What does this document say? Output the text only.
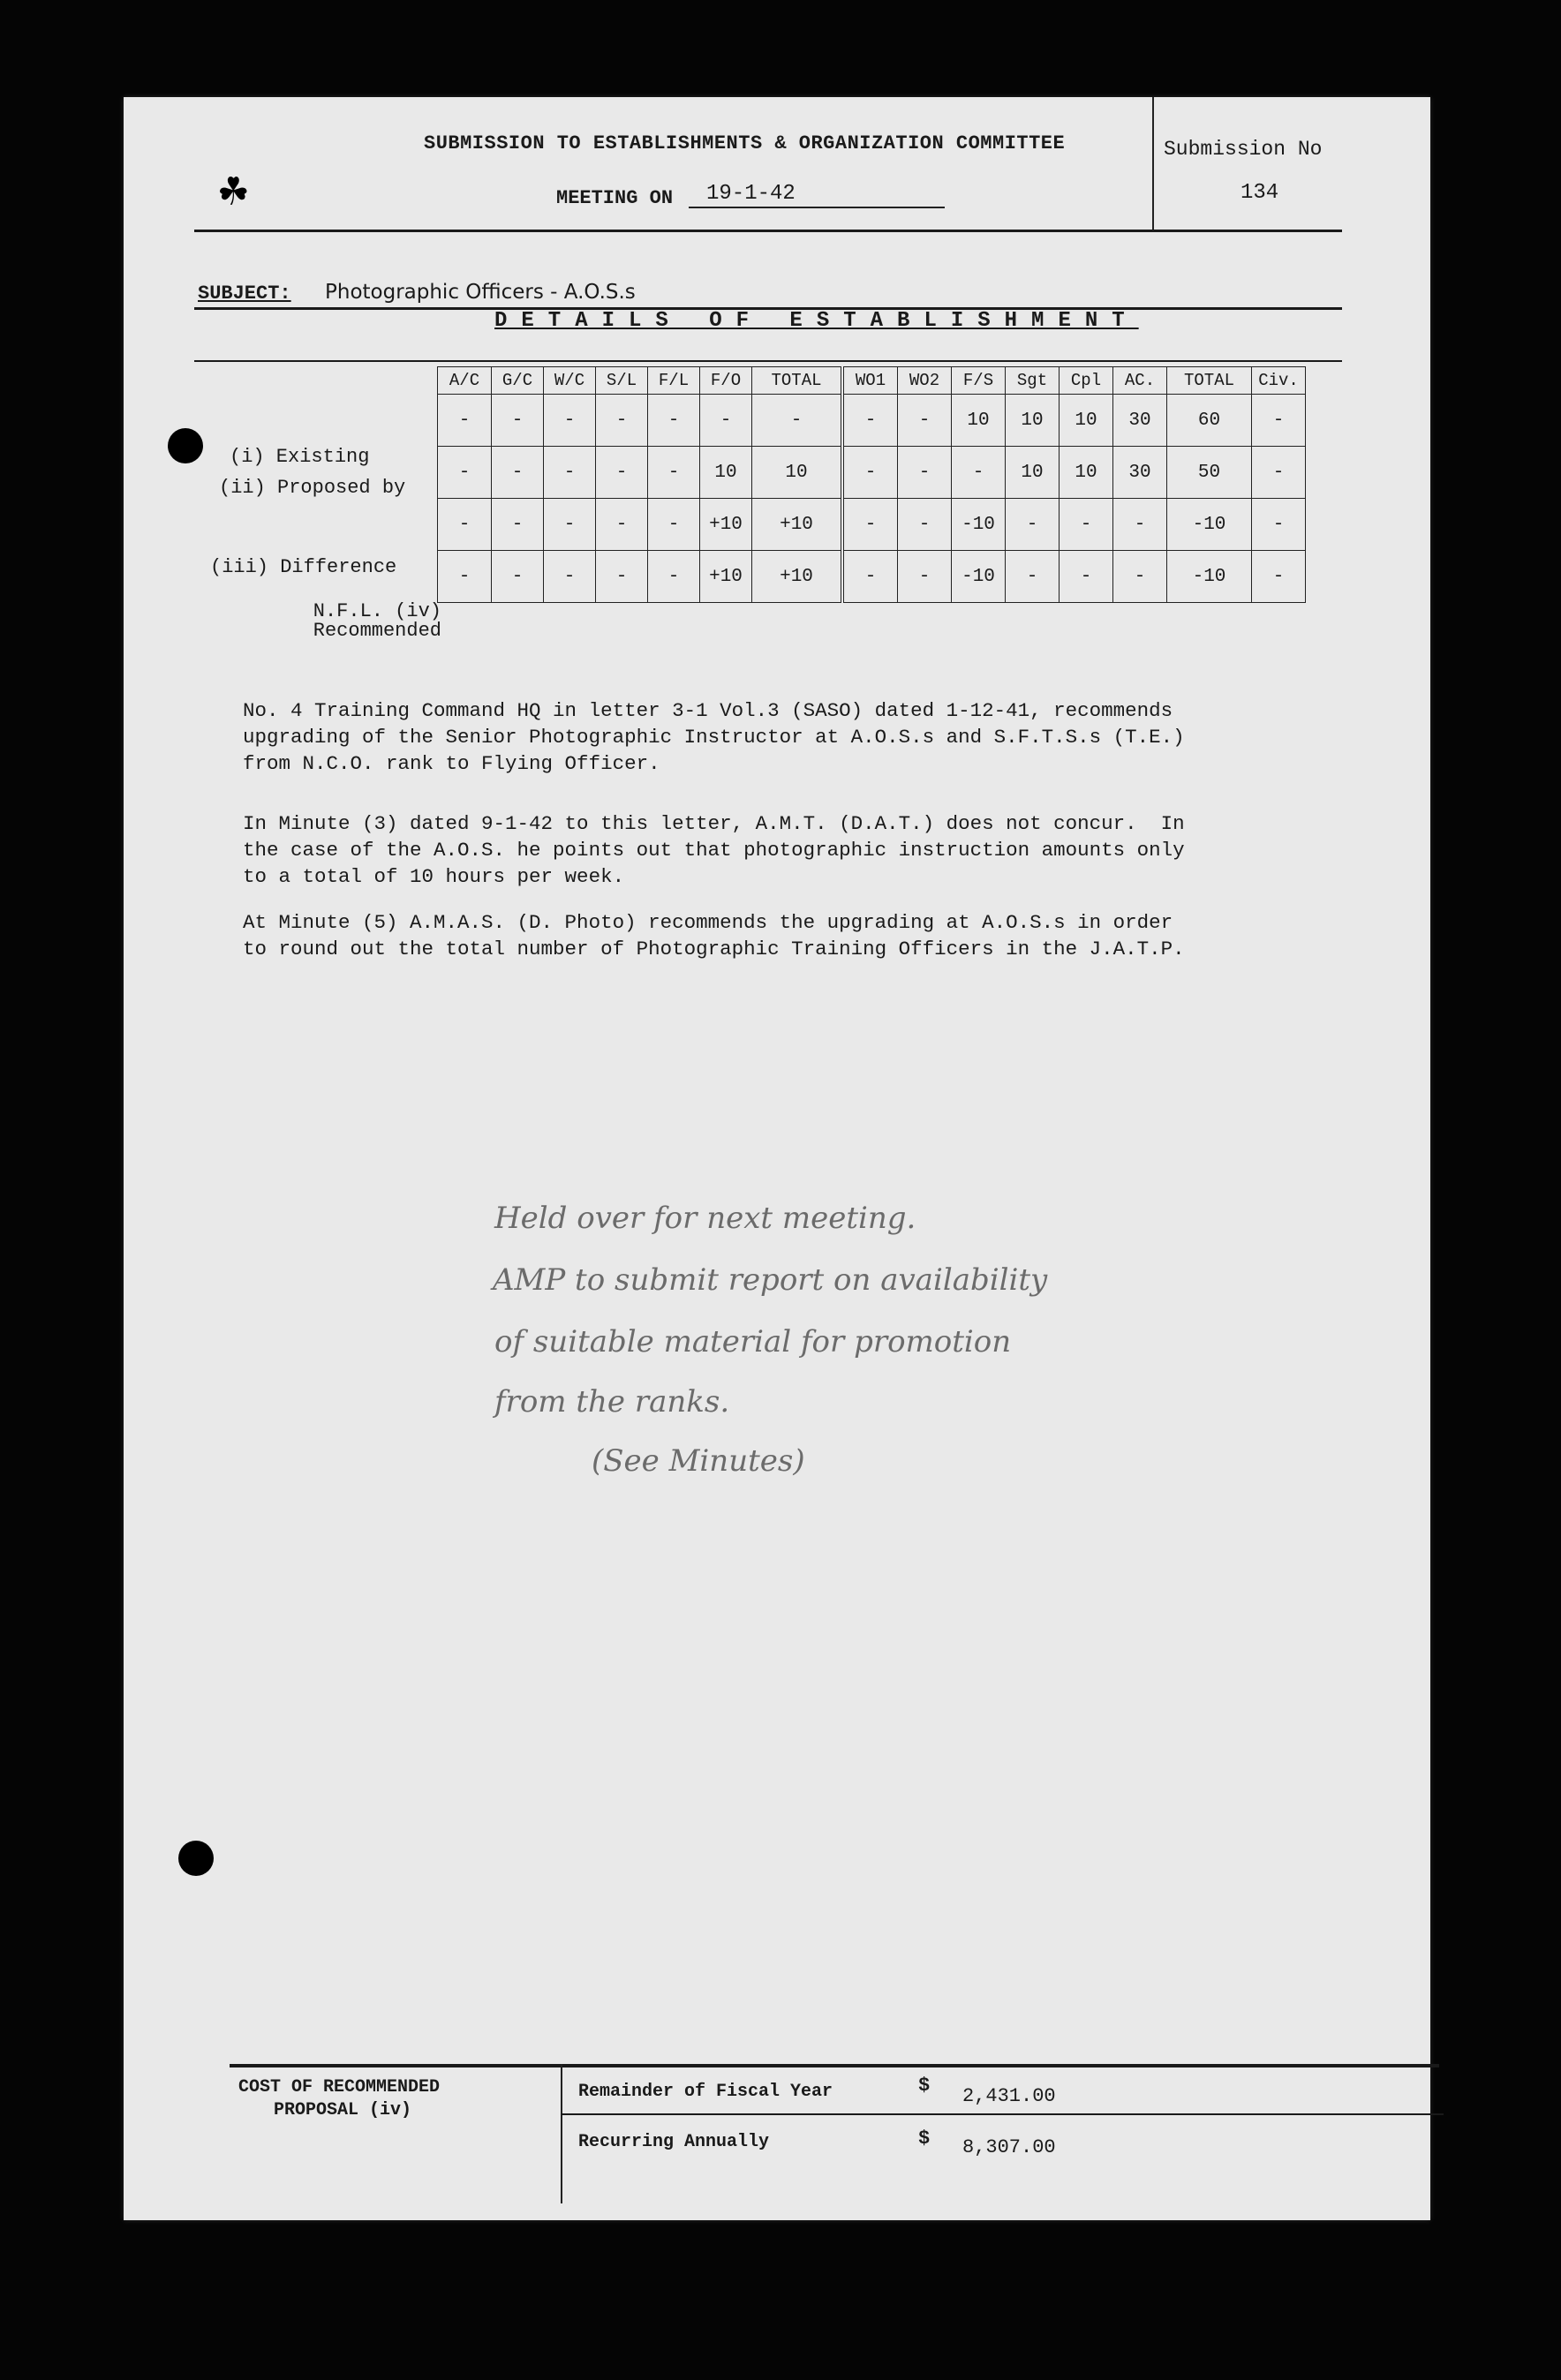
SUBMISSION TO ESTABLISHMENTS & ORGANIZATION COMMITTEE
MEETING ON 19-1-42
Submission No
134
SUBJECT: Photographic Officers - A.O.S.s
DETAILS OF ESTABLISHMENT
(i) Existing
(ii) Proposed by
(iii) Difference
N.F.L. (iv) Recommended
A/C	G/C	W/C	S/L	F/L	F/O	TOTAL	WO1	WO2	F/S	Sgt	Cpl	AC.	TOTAL	Civ.
-	-	-	-	-	-	-	-	-	10	10	10	30	60	-
-	-	-	-	-	10	10	-	-	-	10	10	30	50	-
-	-	-	-	-	+10	+10	-	-	-10	-	-	-	-10	-
-	-	-	-	-	+10	+10	-	-	-10	-	-	-	-10	-
No. 4 Training Command HQ in letter 3-1 Vol.3 (SASO) dated 1-12-41, recommends
upgrading of the Senior Photographic Instructor at A.O.S.s and S.F.T.S.s (T.E.)
from N.C.O. rank to Flying Officer.
In Minute (3) dated 9-1-42 to this letter, A.M.T. (D.A.T.) does not concur.  In
the case of the A.O.S. he points out that photographic instruction amounts only
to a total of 10 hours per week.
At Minute (5) A.M.A.S. (D. Photo) recommends the upgrading at A.O.S.s in order
to round out the total number of Photographic Training Officers in the J.A.T.P.
Held over for next meeting.
AMP to submit report on availability
of suitable material for promotion
from the ranks.
(See Minutes)
COST OF RECOMMENDED
PROPOSAL (iv)
Remainder of Fiscal Year	$ 2,431.00
Recurring Annually	$ 8,307.00
☘
